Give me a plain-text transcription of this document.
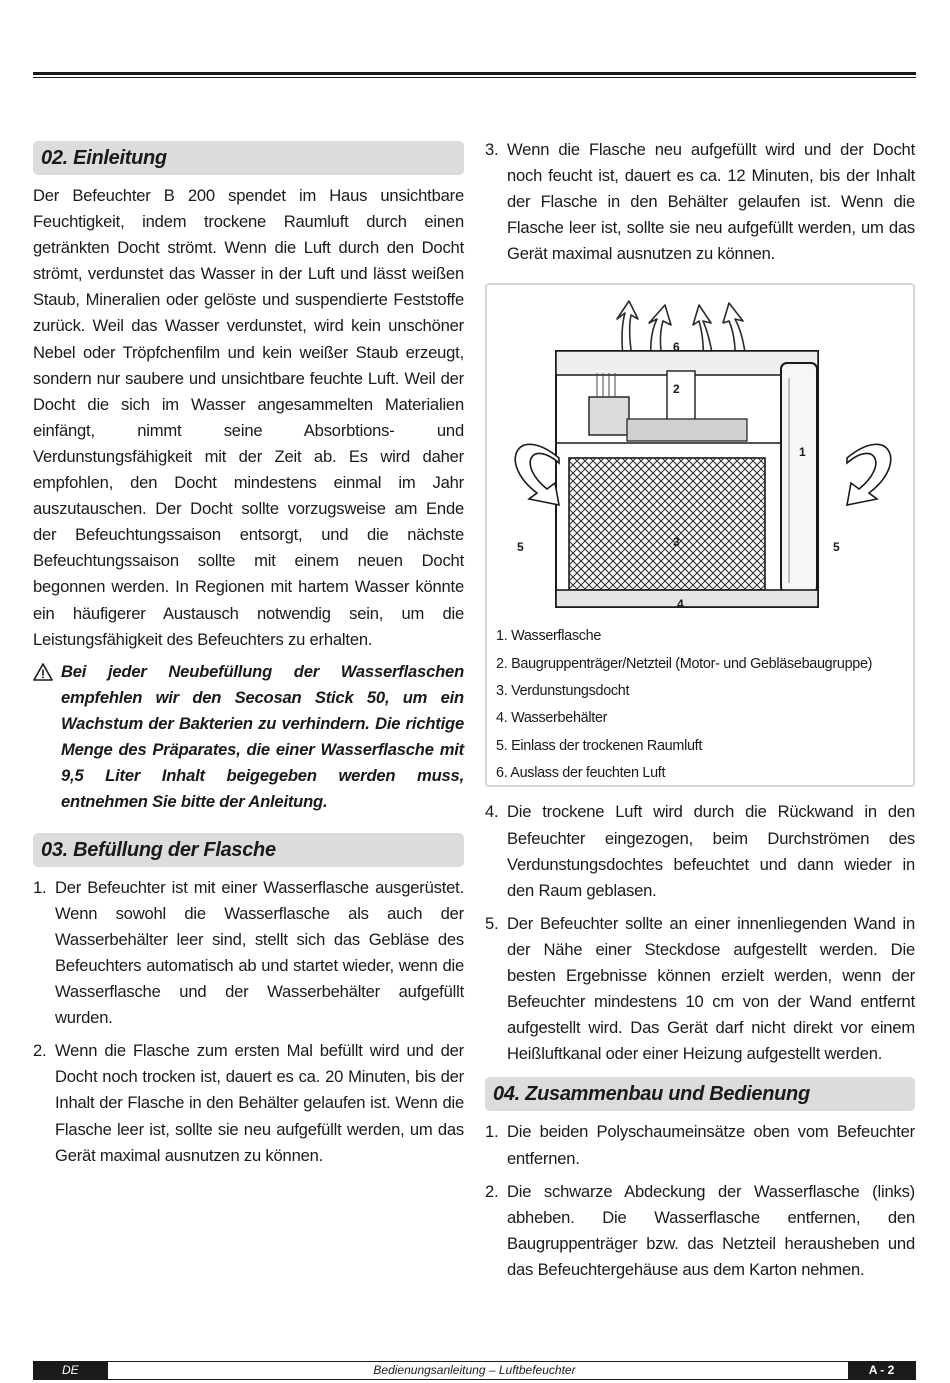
02. Einleitung

Der Befeuchter B 200 spendet im Haus unsichtbare Feuchtigkeit, indem trockene Raumluft durch einen getränkten Docht strömt. Wenn die Luft durch den Docht strömt, verdunstet das Wasser in der Luft und lässt weißen Staub, Mineralien oder gelöste und suspendierte Feststoffe zurück. Weil das Wasser verdunstet, wird kein unschöner Nebel oder Tröpfchenfilm und kein weißer Staub erzeugt, sondern nur saubere und unsichtbare feuchte Luft. Weil der Docht die sich im Wasser angesammelten Materialien einfängt, nimmt seine Absorbtions- und Verdunstungsfähigkeit mit der Zeit ab. Es wird daher empfohlen, den Docht mindestens einmal im Jahr auszutauschen. Der Docht sollte vorzugsweise am Ende der Befeuchtungssaison entsorgt, und die nächste Befeuchtungssaison sollte mit einem neuen Docht begonnen werden. In Regionen mit hartem Wasser könnte ein häufigerer Austausch notwendig sein, um die Leistungsfähigkeit des Befeuchters zu erhalten.

Bei jeder Neubefüllung der Wasserflaschen empfehlen wir den Secosan Stick 50, um ein Wachstum der Bakterien zu verhindern. Die richtige Menge des Präparates, die einer Wasserflasche mit 9,5 Liter Inhalt beigegeben werden muss, entnehmen Sie bitte der Anleitung.
03. Befüllung der Flasche
1. Der Befeuchter ist mit einer Wasserflasche ausgerüstet. Wenn sowohl die Wasserflasche als auch der Wasserbehälter leer sind, stellt sich das Gebläse des Befeuchters automatisch ab und startet wieder, wenn die Wasserflasche und der Wasserbehälter aufgefüllt wurden.
2. Wenn die Flasche zum ersten Mal befüllt wird und der Docht noch trocken ist, dauert es ca. 20 Minuten, bis der Inhalt der Flasche in den Behälter gelaufen ist. Wenn die Flasche leer ist, sollte sie neu aufgefüllt werden, um das Gerät maximal ausnutzen zu können.
3. Wenn die Flasche neu aufgefüllt wird und der Docht noch feucht ist, dauert es ca. 12 Minuten, bis der Inhalt der Flasche in den Behälter gelaufen ist. Wenn die Flasche leer ist, sollte sie neu aufgefüllt werden, um das Gerät maximal ausnutzen zu können.
1
2
3
4
5	5
6
1. Wasserflasche
2. Baugruppenträger/Netzteil (Motor- und Gebläsebaugruppe)
3. Verdunstungsdocht
4. Wasserbehälter
5. Einlass der trockenen Raumluft
6. Auslass der feuchten Luft
4. Die trockene Luft wird durch die Rückwand in den Befeuchter eingezogen, beim Durchströmen des Verdunstungsdochtes befeuchtet und dann wieder in den Raum geblasen.
5. Der Befeuchter sollte an einer innenliegenden Wand in der Nähe einer Steckdose aufgestellt werden. Die besten Ergebnisse können erzielt werden, wenn der Befeuchter mindestens 10 cm von der Wand entfernt aufgestellt wird. Das Gerät darf nicht direkt vor einem Heißluftkanal oder einer Heizung aufgestellt werden.
04. Zusammenbau und Bedienung
1. Die beiden Polyschaumeinsätze oben vom Befeuchter entfernen.
2. Die schwarze Abdeckung der Wasserflasche (links) abheben. Die Wasserflasche entfernen, den Baugruppenträger bzw. das Netzteil herausheben und das Befeuchtergehäuse aus dem Karton nehmen.
Bedienungsanleitung – Luftbefeuchter
DE	A - 2
